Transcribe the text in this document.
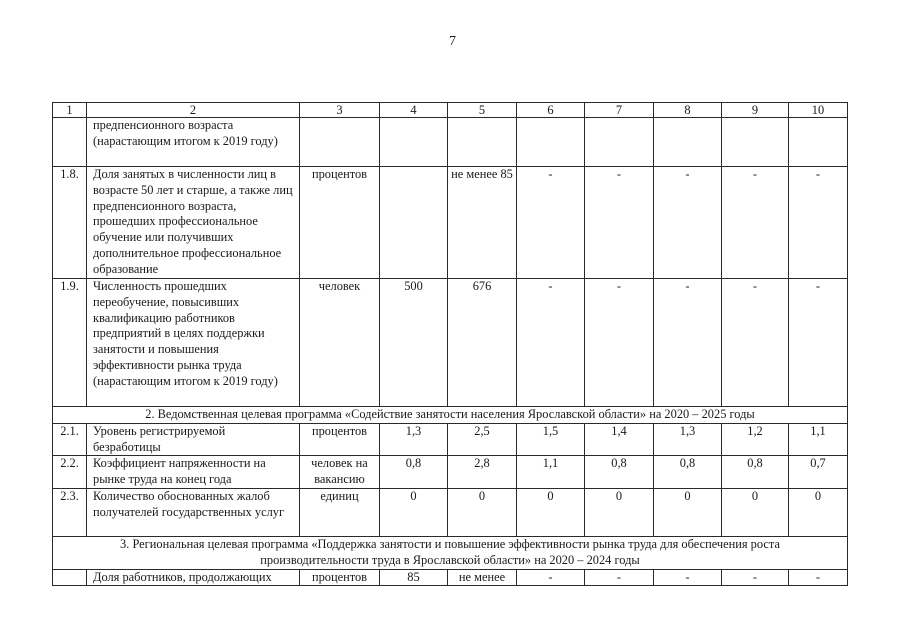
7
1	2	3	4	5	6	7	8	9	10
	предпенсионного возраста (нарастающим итогом к 2019 году)								
1.8.	Доля занятых в численности лиц в возрасте 50 лет и старше, а также лиц предпенсионного возраста, прошедших профессиональное обучение или получивших дополнительное профессиональное образование	процентов		не менее 85	-	-	-	-	-
1.9.	Численность прошедших переобучение, повысивших квалификацию работников предприятий в целях поддержки занятости и повышения эффективности рынка труда (нарастающим итогом к 2019 году)	человек	500	676	-	-	-	-	-
2. Ведомственная целевая программа «Содействие занятости населения Ярославской области» на 2020 – 2025 годы									
2.1.	Уровень регистрируемой безработицы	процентов	1,3	2,5	1,5	1,4	1,3	1,2	1,1
2.2.	Коэффициент напряженности на рынке труда на конец года	человек на вакансию	0,8	2,8	1,1	0,8	0,8	0,8	0,7
2.3.	Количество обоснованных жалоб получателей государственных услуг	единиц	0	0	0	0	0	0	0
3. Региональная целевая программа «Поддержка занятости и повышение эффективности рынка труда для обеспечения роста производительности труда в Ярославской области» на 2020 – 2024 годы									
	Доля работников, продолжающих	процентов	85	не менее	-	-	-	-	-
